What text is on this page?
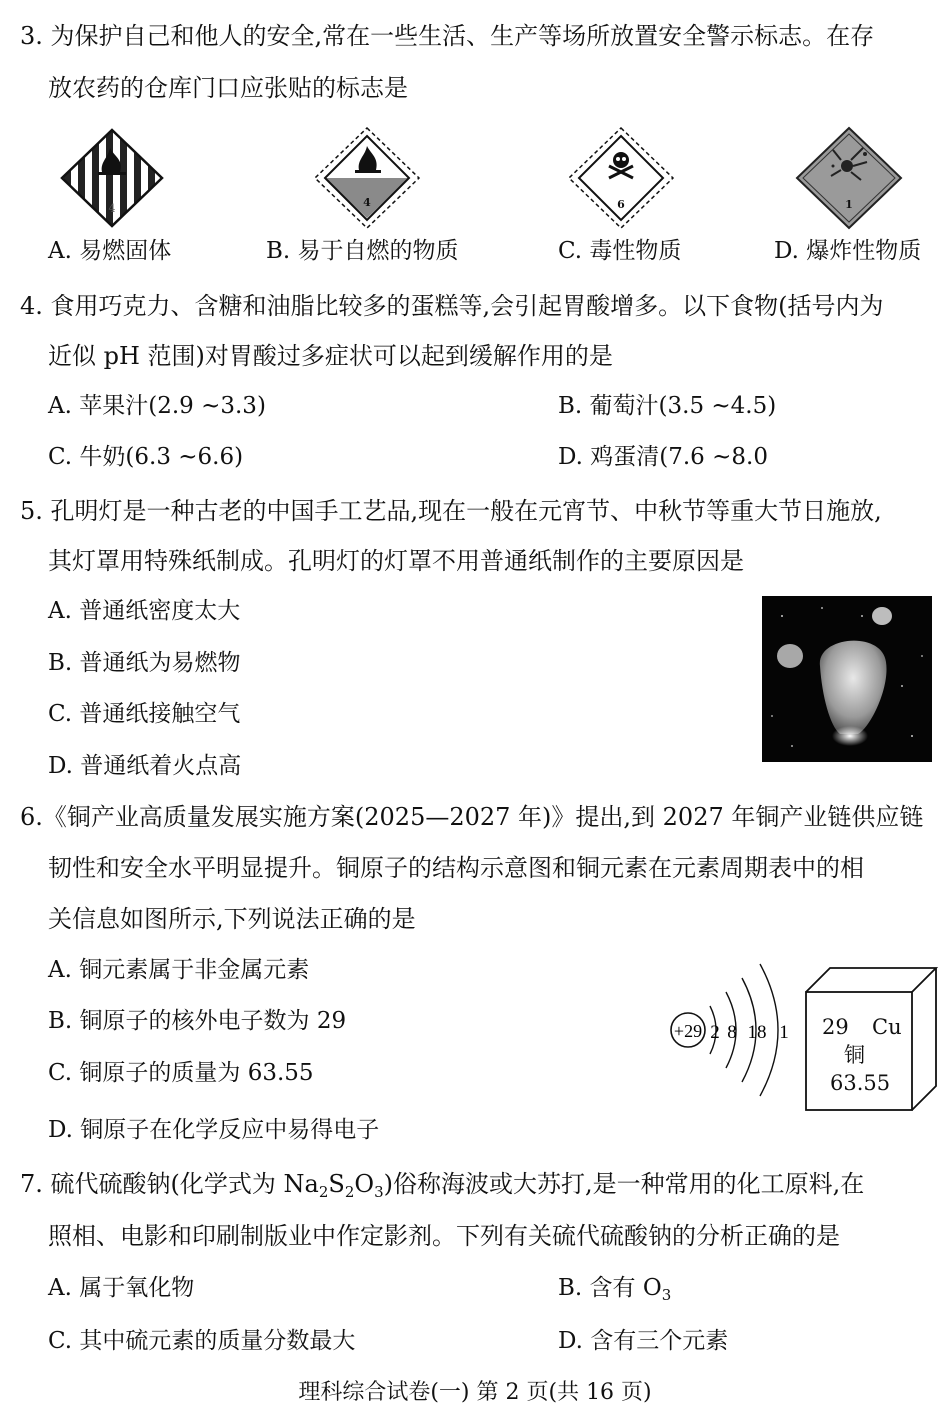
3. 为保护自己和他人的安全,常在一些生活、生产等场所放置安全警示标志。在存
放农药的仓库门口应张贴的标志是
4	4	6	1
A. 易燃固体	B. 易于自燃的物质	C. 毒性物质	D. 爆炸性物质
4. 食用巧克力、含糖和油脂比较多的蛋糕等,会引起胃酸增多。以下食物(括号内为
近似 pH 范围)对胃酸过多症状可以起到缓解作用的是
A. 苹果汁(2.9 ~3.3)	B. 葡萄汁(3.5 ~4.5)
C. 牛奶(6.3 ~6.6)	D. 鸡蛋清(7.6 ~8.0
5. 孔明灯是一种古老的中国手工艺品,现在一般在元宵节、中秋节等重大节日施放,
其灯罩用特殊纸制成。孔明灯的灯罩不用普通纸制作的主要原因是
A. 普通纸密度太大
B. 普通纸为易燃物
C. 普通纸接触空气
D. 普通纸着火点高
6.《铜产业高质量发展实施方案(2025—2027 年)》提出,到 2027 年铜产业链供应链
韧性和安全水平明显提升。铜原子的结构示意图和铜元素在元素周期表中的相
关信息如图所示,下列说法正确的是
A. 铜元素属于非金属元素
B. 铜原子的核外电子数为 29
C. 铜原子的质量为 63.55
D. 铜原子在化学反应中易得电子
+29 2 8 18 1 29 Cu
铜
63.55
7. 硫代硫酸钠(化学式为 $Na_2S_2O_3$)俗称海波或大苏打,是一种常用的化工原料,在
照相、电影和印刷制版业中作定影剂。下列有关硫代硫酸钠的分析正确的是
A. 属于氧化物	B. 含有 $O_3$
C. 其中硫元素的质量分数最大	D. 含有三个元素
理科综合试卷(一) 第 2 页(共 16 页)
